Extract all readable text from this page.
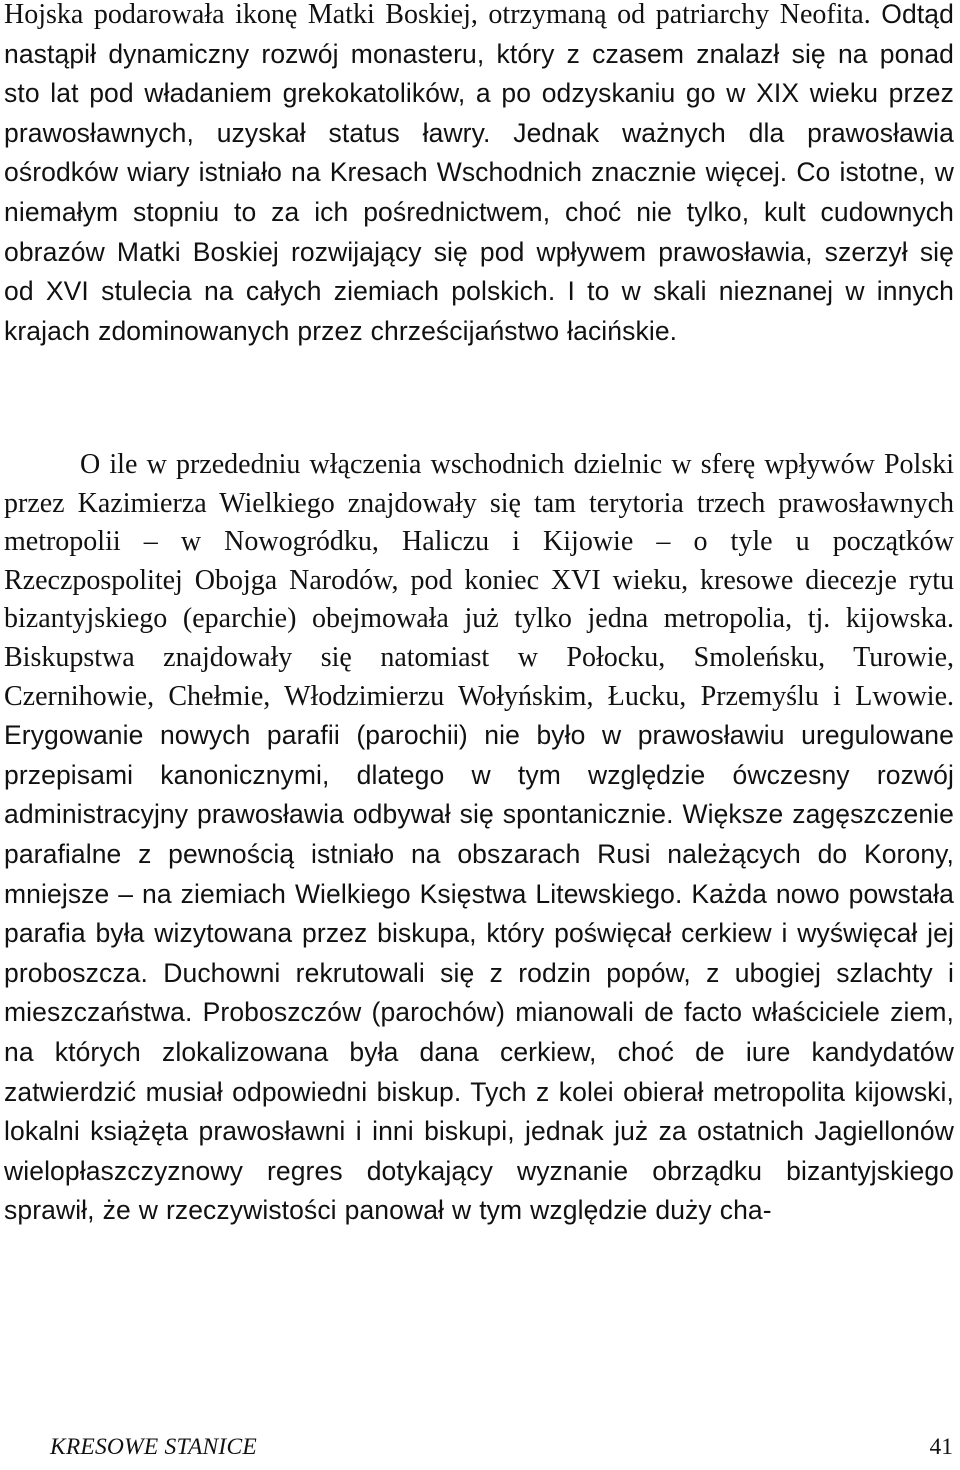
Hojska podarowała ikonę Matki Boskiej, otrzymaną od patriarchy Neofita. Odtąd nastąpił dynamiczny rozwój monasteru, który z czasem znalazł się na ponad sto lat pod władaniem grekokatolików, a po odzyskaniu go w XIX wieku przez prawosławnych, uzyskał status ławry. Jednak ważnych dla prawosławia ośrodków wiary istniało na Kresach Wschodnich znacznie więcej. Co istotne, w niemałym stopniu to za ich pośrednictwem, choć nie tylko, kult cudownych obrazów Matki Boskiej rozwijający się pod wpływem prawosławia, szerzył się od XVI stulecia na całych ziemiach polskich. I to w skali nieznanej w innych krajach zdominowanych przez chrześcijaństwo łacińskie.

O ile w przededniu włączenia wschodnich dzielnic w sferę wpływów Polski przez Kazimierza Wielkiego znajdowały się tam terytoria trzech prawosławnych metropolii – w Nowogródku, Haliczu i Kijowie – o tyle u początków Rzeczpospolitej Obojga Narodów, pod koniec XVI wieku, kresowe diecezje rytu bizantyjskiego (eparchie) obejmowała już tylko jedna metropolia, tj. kijowska. Biskupstwa znajdowały się natomiast w Połocku, Smoleńsku, Turowie, Czernihowie, Chełmie, Włodzimierzu Wołyńskim, Łucku, Przemyślu i Lwowie. Erygowanie nowych parafii (parochii) nie było w prawosławiu uregulowane przepisami kanonicznymi, dlatego w tym względzie ówczesny rozwój administracyjny prawosławia odbywał się spontanicznie. Większe zagęszczenie parafialne z pewnością istniało na obszarach Rusi należących do Korony, mniejsze – na ziemiach Wielkiego Księstwa Litewskiego. Każda nowo powstała parafia była wizytowana przez biskupa, który poświęcał cerkiew i wyświęcał jej proboszcza. Duchowni rekrutowali się z rodzin popów, z ubogiej szlachty i mieszczaństwa. Proboszczów (parochów) mianowali de facto właściciele ziem, na których zlokalizowana była dana cerkiew, choć de iure kandydatów zatwierdzić musiał odpowiedni biskup. Tych z kolei obierał metropolita kijowski, lokalni książęta prawosławni i inni biskupi, jednak już za ostatnich Jagiellonów wielopłaszczyznowy regres dotykający wyznanie obrządku bizantyjskiego sprawił, że w rzeczywistości panował w tym względzie duży cha-

KRESOWE STANICE	41
